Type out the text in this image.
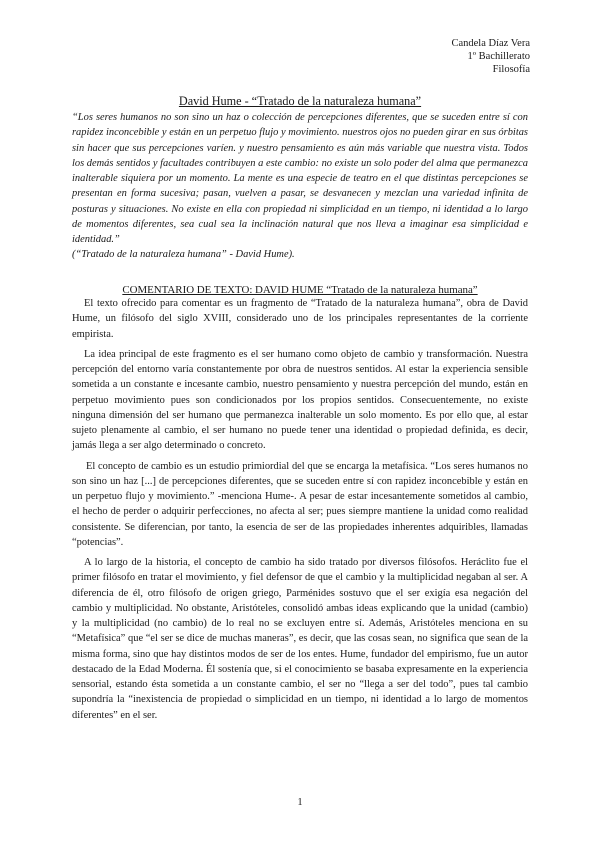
Candela Díaz Vera
1º Bachillerato
Filosofía
David Hume - “Tratado de la naturaleza humana”

“Los seres humanos no son sino un haz o colección de percepciones diferentes, que se suceden entre sí con rapidez inconcebible y están en un perpetuo flujo y movimiento. nuestros ojos no pueden girar en sus órbitas sin hacer que sus percepciones varíen. y nuestro pensamiento es aún más variable que nuestra vista. Todos los demás sentidos y facultades contribuyen a este cambio: no existe un solo poder del alma que permanezca inalterable siquiera por un momento. La mente es una especie de teatro en el que distintas percepciones se presentan en forma sucesiva; pasan, vuelven a pasar, se desvanecen y mezclan una variedad infinita de posturas y situaciones. No existe en ella con propiedad ni simplicidad en un tiempo, ni identidad a lo largo de momentos diferentes, sea cual sea la inclinación natural que nos lleva a imaginar esa simplicidad e identidad.”
(“Tratado de la naturaleza humana” - David Hume).

COMENTARIO DE TEXTO: DAVID HUME “Tratado de la naturaleza humana”

El texto ofrecido para comentar es un fragmento de “Tratado de la naturaleza humana”, obra de David Hume, un filósofo del siglo XVIII, considerado uno de los principales representantes de la corriente empirista.

La idea principal de este fragmento es el ser humano como objeto de cambio y transformación. Nuestra percepción del entorno varía constantemente por obra de nuestros sentidos. Al estar la experiencia sensible sometida a un constante e incesante cambio, nuestro pensamiento y nuestra percepción del mundo, están en perpetuo movimiento pues son condicionados por los propios sentidos. Consecuentemente, no existe ninguna dimensión del ser humano que permanezca inalterable un solo momento. Es por ello que, al estar sujeto plenamente al cambio, el ser humano no puede tener una identidad o propiedad definida, es decir, jamás llega a ser algo determinado o concreto.

El concepto de cambio es un estudio primiordial del que se encarga la metafísica. “Los seres humanos no son sino un haz [...] de percepciones diferentes, que se suceden entre sí con rapidez inconcebible y están en un perpetuo flujo y movimiento.” -menciona Hume-. A pesar de estar incesantemente sometidos al cambio, el hecho de perder o adquirir perfecciones, no afecta al ser; pues siempre mantiene la unidad como realidad consistente. Se diferencian, por tanto, la esencia de ser de las propiedades inherentes adquiribles, llamadas “potencias”.

A lo largo de la historia, el concepto de cambio ha sido tratado por diversos filósofos. Heráclito fue el primer filósofo en tratar el movimiento, y fiel defensor de que el cambio y la multiplicidad negaban al ser. A diferencia de él, otro filósofo de origen griego, Parménides sostuvo que el ser exigía esa negación del cambio y multiplicidad. No obstante, Aristóteles, consolidó ambas ideas explicando que la unidad (cambio) y la multiplicidad (no cambio) de lo real no se excluyen entre sí. Además, Aristóteles menciona en su “Metafísica” que “el ser se dice de muchas maneras”, es decir, que las cosas sean, no significa que sean de la misma forma, sino que hay distintos modos de ser de los entes. Hume, fundador del empirismo, fue un autor destacado de la Edad Moderna. Él sostenía que, si el conocimiento se basaba expresamente en la experiencia sensorial, estando ésta sometida a un constante cambio, el ser no “llega a ser del todo”, pues tal cambio supondría la “inexistencia de propiedad o simplicidad en un tiempo, ni identidad a lo largo de momentos diferentes” en el ser.

1
